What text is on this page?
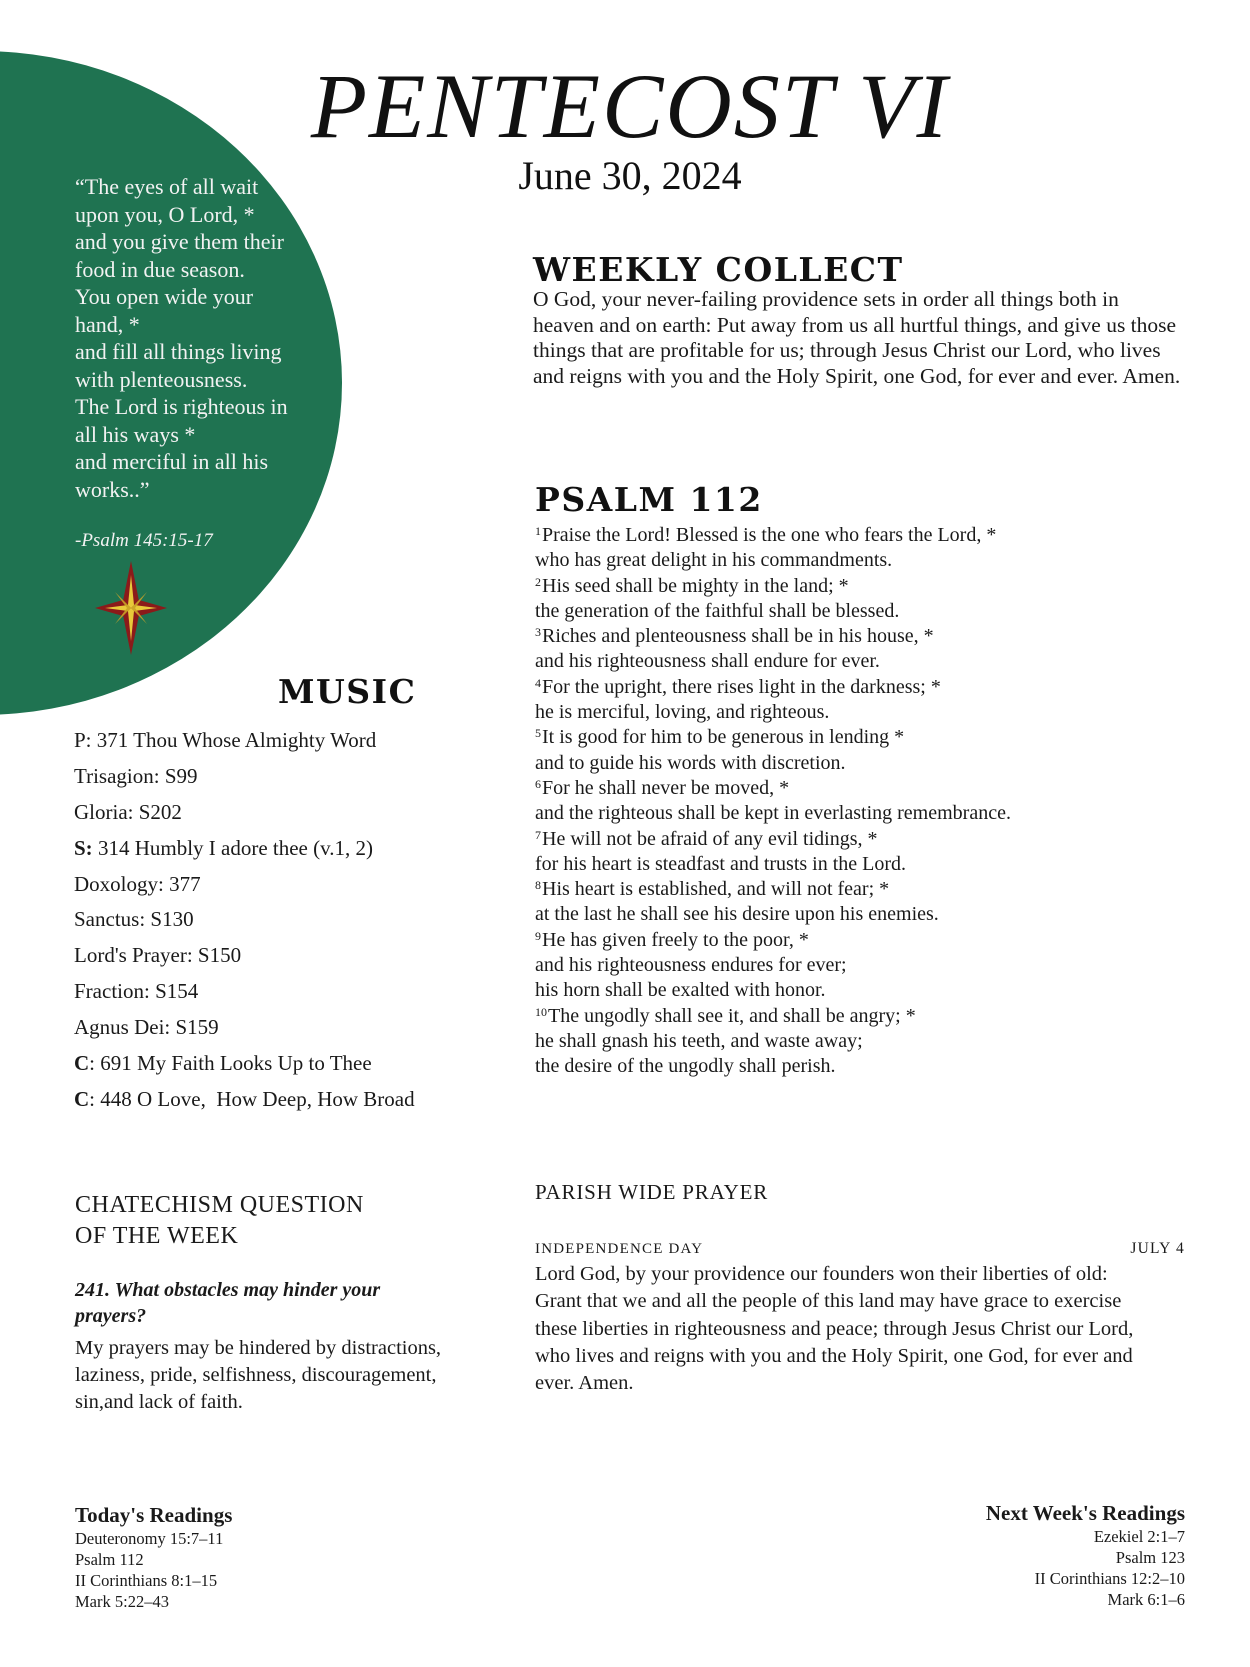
“The eyes of all wait
upon you, O Lord, *
and you give them their
food in due season.
You open wide your
hand, *
and fill all things living
with plenteousness.
The Lord is righteous in
all his ways *
and merciful in all his
works..”
-Psalm 145:15-17
PENTECOST VI
June 30, 2024
WEEKLY COLLECT
O God, your never-failing providence sets in order all things both in
heaven and on earth: Put away from us all hurtful things, and give us those
things that are profitable for us; through Jesus Christ our Lord, who lives
and reigns with you and the Holy Spirit, one God, for ever and ever. Amen.
PSALM 112
$^1$Praise the Lord! Blessed is the one who fears the Lord, *
who has great delight in his commandments.
$^2$His seed shall be mighty in the land; *
the generation of the faithful shall be blessed.
$^3$Riches and plenteousness shall be in his house, *
and his righteousness shall endure for ever.
$^4$For the upright, there rises light in the darkness; *
he is merciful, loving, and righteous.
$^5$It is good for him to be generous in lending *
and to guide his words with discretion.
$^6$For he shall never be moved, *
and the righteous shall be kept in everlasting remembrance.
$^7$He will not be afraid of any evil tidings, *
for his heart is steadfast and trusts in the Lord.
$^8$His heart is established, and will not fear; *
at the last he shall see his desire upon his enemies.
$^9$He has given freely to the poor, *
and his righteousness endures for ever;
his horn shall be exalted with honor.
$^{10}$The ungodly shall see it, and shall be angry; *
he shall gnash his teeth, and waste away;
the desire of the ungodly shall perish.
MUSIC
P: 371 Thou Whose Almighty Word
Trisagion: S99
Gloria: S202
S: 314 Humbly I adore thee (v.1, 2)
Doxology: 377
Sanctus: S130
Lord's Prayer: S150
Fraction: S154
Agnus Dei: S159
C: 691 My Faith Looks Up to Thee
C: 448 O Love,  How Deep, How Broad
CHATECHISM QUESTION
OF THE WEEK
241. What obstacles may hinder your
prayers?
My prayers may be hindered by distractions,
laziness, pride, selfishness, discouragement,
sin,and lack of faith.
PARISH WIDE PRAYER
INDEPENDENCE DAY	JULY 4
Lord God, by your providence our founders won their liberties of old:
Grant that we and all the people of this land may have grace to exercise
these liberties in righteousness and peace; through Jesus Christ our Lord,
who lives and reigns with you and the Holy Spirit, one God, for ever and
ever. Amen.
Today's Readings
Deuteronomy 15:7–11
Psalm 112
II Corinthians 8:1–15
Mark 5:22–43
Next Week's Readings
Ezekiel 2:1–7
Psalm 123
II Corinthians 12:2–10
Mark 6:1–6
